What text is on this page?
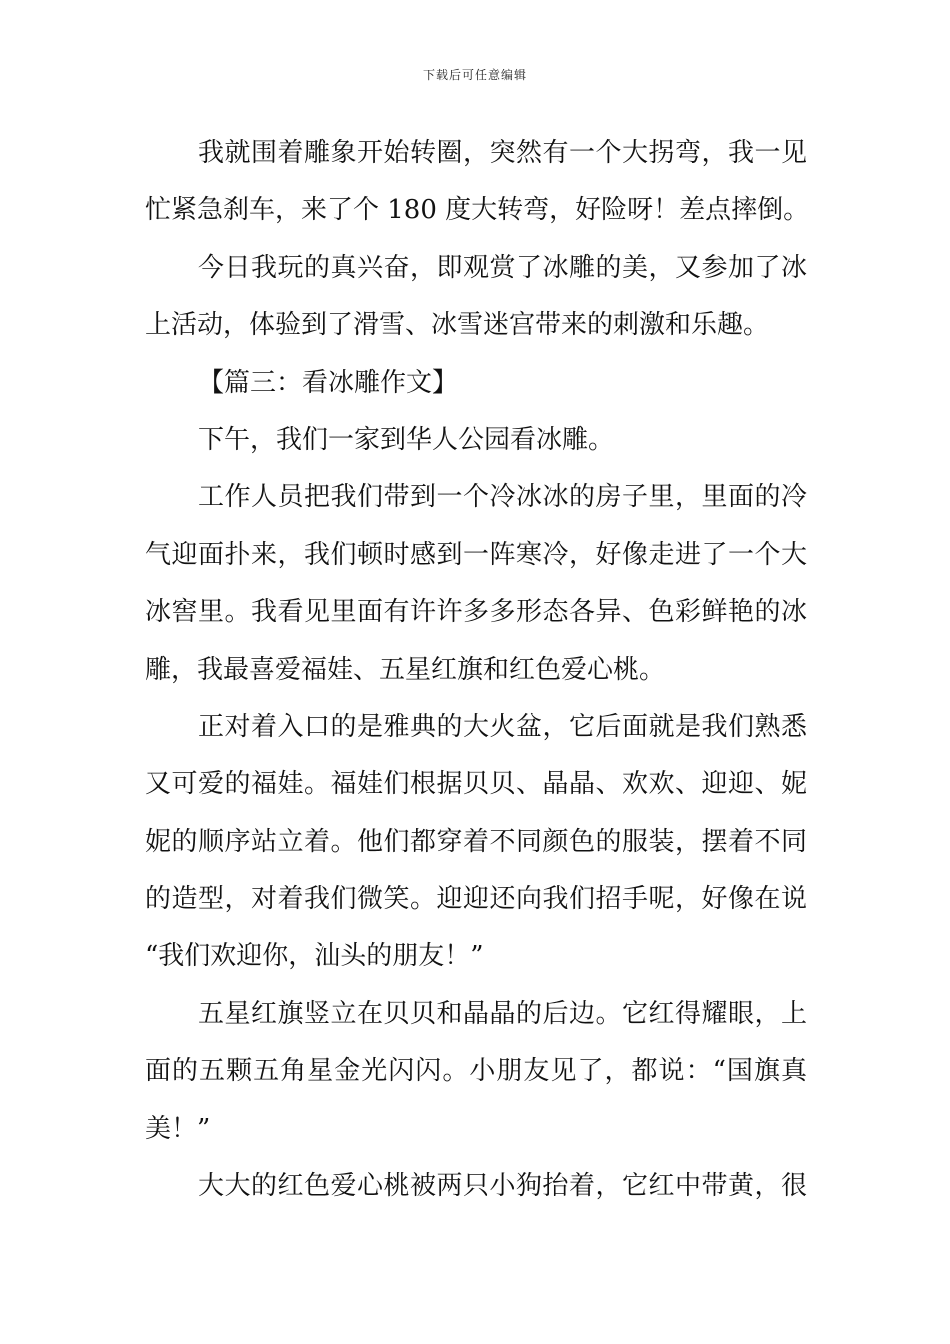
下载后可任意编辑
我就围着雕象开始转圈，突然有一个大拐弯，我一见
忙紧急刹车，来了个 180 度大转弯，好险呀！差点摔倒。
今日我玩的真兴奋，即观赏了冰雕的美，又参加了冰
上活动，体验到了滑雪、冰雪迷宫带来的刺激和乐趣。
【篇三：看冰雕作文】
下午，我们一家到华人公园看冰雕。
工作人员把我们带到一个冷冰冰的房子里，里面的冷
气迎面扑来，我们顿时感到一阵寒冷，好像走进了一个大
冰窖里。我看见里面有许许多多形态各异、色彩鲜艳的冰
雕，我最喜爱福娃、五星红旗和红色爱心桃。
正对着入口的是雅典的大火盆，它后面就是我们熟悉
又可爱的福娃。福娃们根据贝贝、晶晶、欢欢、迎迎、妮
妮的顺序站立着。他们都穿着不同颜色的服装，摆着不同
的造型，对着我们微笑。迎迎还向我们招手呢，好像在说
“我们欢迎你，汕头的朋友！”
五星红旗竖立在贝贝和晶晶的后边。它红得耀眼，上
面的五颗五角星金光闪闪。小朋友见了，都说：“国旗真
美！”
大大的红色爱心桃被两只小狗抬着，它红中带黄，很
